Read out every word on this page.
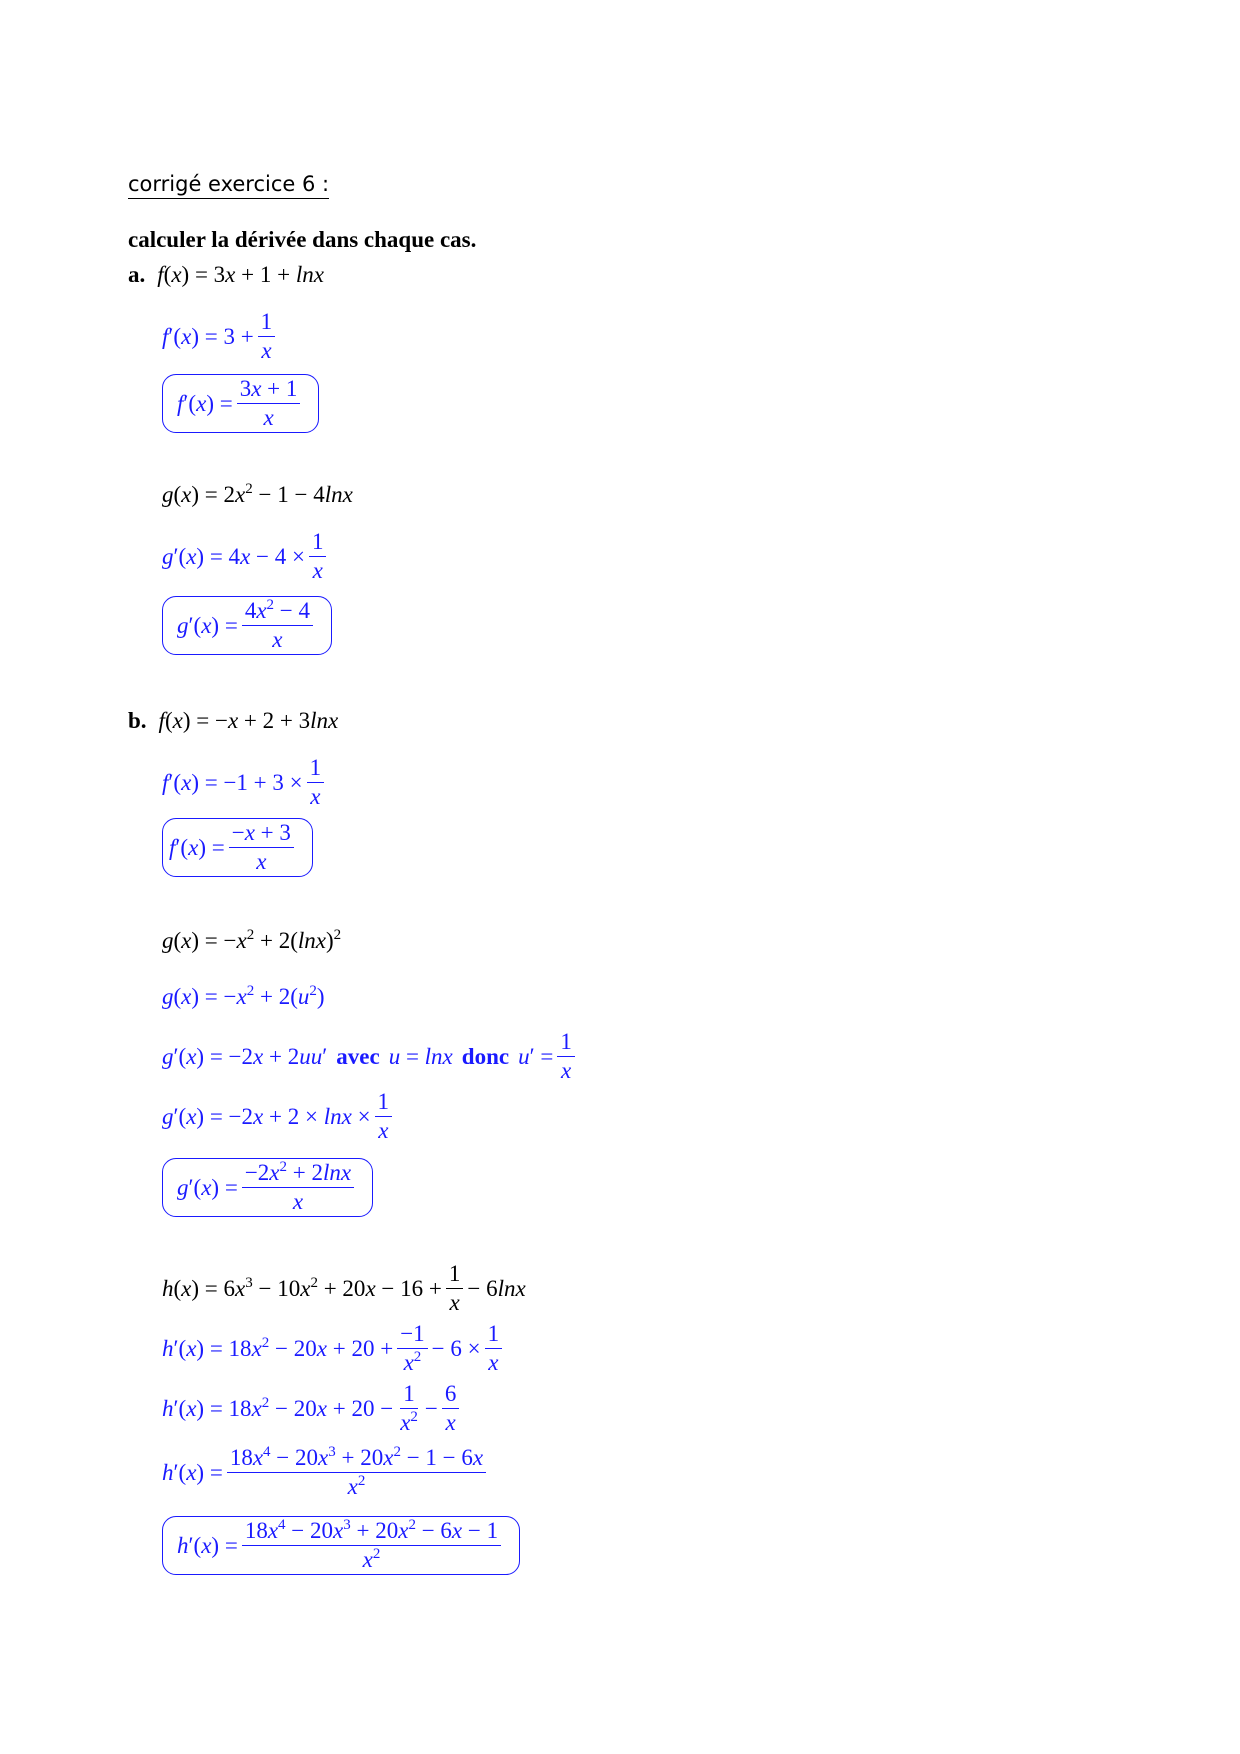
corrigé exercice 6 :
calculer la dérivée dans chaque cas.
a. f(x) = 3x + 1 + lnx
$f'(x) = 3 + \frac{1}{x}$
$f'(x) = \frac{3x + 1}{x}$
$g(x) = 2x^2 - 1 - 4\ln x$
$g'(x) = 4x - 4 \times \frac{1}{x}$
$g'(x) = \frac{4x^2 - 4}{x}$
b. f(x) = −x + 2 + 3lnx
$f'(x) = -1 + 3 \times \frac{1}{x}$
$f'(x) = \frac{-x + 3}{x}$
$g(x) = -x^2 + 2(\ln x)^2$
$g(x) = -x^2 + 2(u^2)$
g′(x) = −2x + 2uu′ avec u = lnx donc $u' = \frac{1}{x}$
$g'(x) = -2x + 2 \times \ln x \times \frac{1}{x}$
$g'(x) = \frac{-2x^2 + 2\ln x}{x}$
$h(x) = 6x^3 - 10x^2 + 20x - 16 + \frac{1}{x} - 6\ln x$
$h'(x) = 18x^2 - 20x + 20 + \frac{-1}{x^2} - 6 \times \frac{1}{x}$
$h'(x) = 18x^2 - 20x + 20 - \frac{1}{x^2} - \frac{6}{x}$
$h'(x) = \frac{18x^4 - 20x^3 + 20x^2 - 1 - 6x}{x^2}$
$h'(x) = \frac{18x^4 - 20x^3 + 20x^2 - 6x - 1}{x^2}$
